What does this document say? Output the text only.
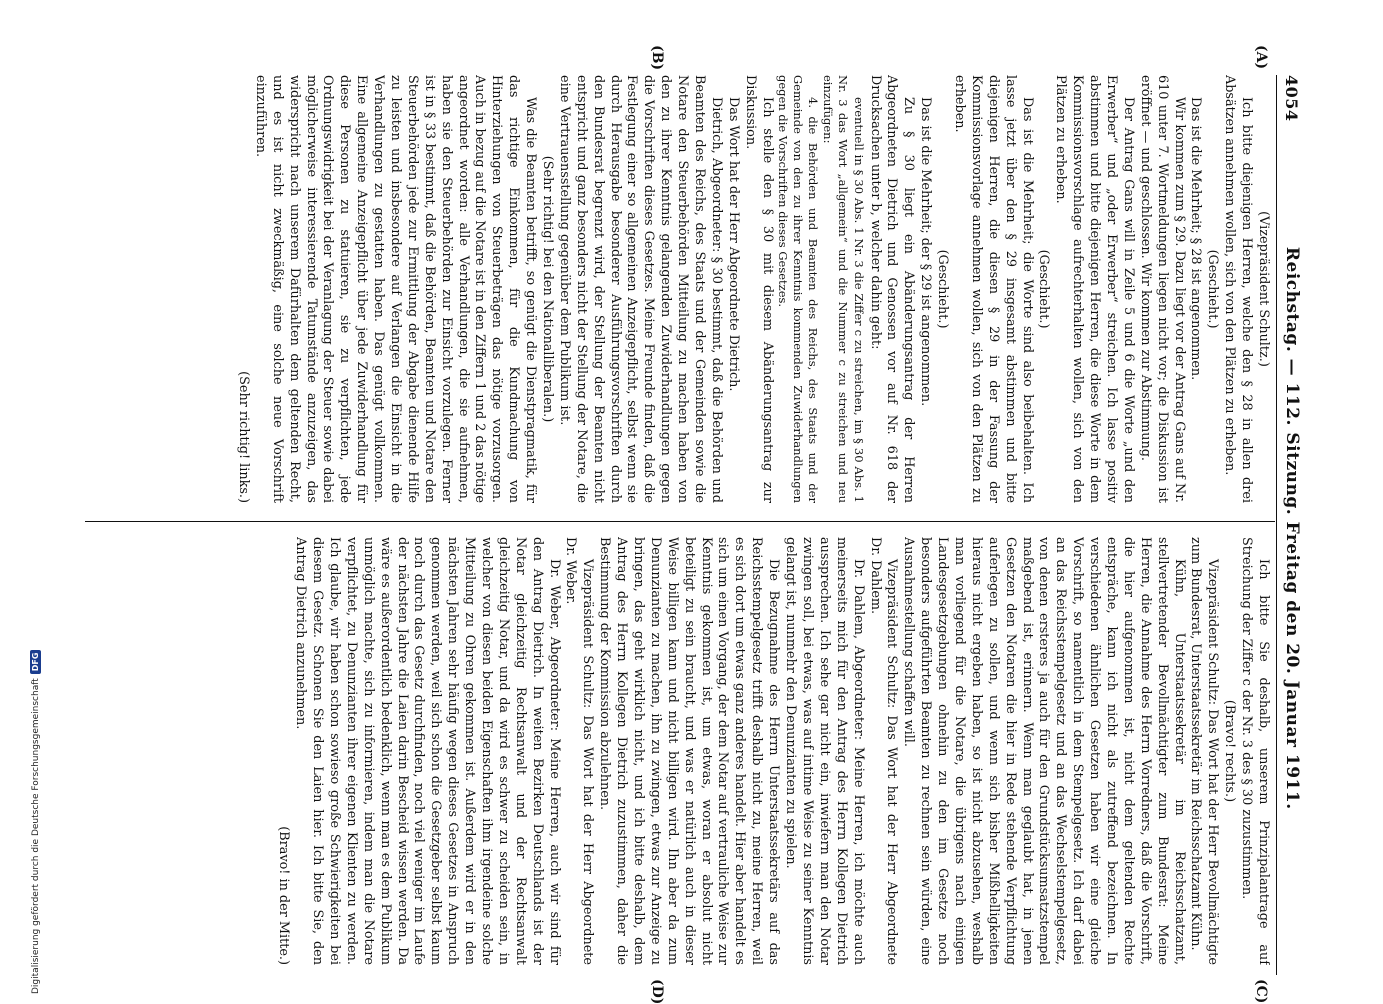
4054
Reichstag. — 112. Sitzung. Freitag den 20. Januar 1911.
(A)
(B)
(C)
(D)

(Vizepräsident Schultz.)

Ich bitte diejenigen Herren, welche den § 28 in allen drei Absätzen annehmen wollen, sich von den Plätzen zu erheben.

(Geschieht.)

Das ist die Mehrheit; § 28 ist angenommen.

Wir kommen zum § 29. Dazu liegt vor der Antrag Gans auf Nr. 610 unter 7. Wortmeldungen liegen nicht vor; die Diskussion ist eröffnet — und geschlossen. Wir kommen zur Abstimmung.

Der Antrag Gans will in Zeile 5 und 6 die Worte „und den Erwerber“ und „oder Erwerber“ streichen. Ich lasse positiv abstimmen und bitte diejenigen Herren, die diese Worte in dem Kommissionsvorschlage aufrechterhalten wollen, sich von den Plätzen zu erheben.

(Geschieht.)

Das ist die Mehrheit; die Worte sind also beibehalten. Ich lasse jetzt über den § 29 insgesamt abstimmen und bitte diejenigen Herren, die diesen § 29 in der Fassung der Kommissionsvorlage annehmen wollen, sich von den Plätzen zu erheben.

(Geschieht.)

Das ist die Mehrheit; der § 29 ist angenommen.

Zu § 30 liegt ein Abänderungsantrag der Herren Abgeordneten Dietrich und Genossen vor auf Nr. 618 der Drucksachen unter b, welcher dahin geht:

eventuell in § 30 Abs. 1 Nr. 3 die Ziffer c zu streichen, im § 30 Abs. 1 Nr. 3 das Wort „allgemein“ und die Nummer c zu streichen und neu einzufügen:

4. die Behörden und Beamten des Reichs, des Staats und der Gemeinde von den zu ihrer Kenntnis kommenden Zuwiderhandlungen gegen die Vorschriften dieses Gesetzes.

Ich stelle den § 30 mit diesem Abänderungsantrag zur Diskussion.

Das Wort hat der Herr Abgeordnete Dietrich.

Dietrich, Abgeordneter: § 30 bestimmt, daß die Behörden und Beamten des Reichs, des Staats und der Gemeinden sowie die Notare den Steuerbehörden Mitteilung zu machen haben von den zu ihrer Kenntnis gelangenden Zuwiderhandlungen gegen die Vorschriften dieses Gesetzes. Meine Freunde finden, daß die Festlegung einer so allgemeinen Anzeigepflicht, selbst wenn sie durch Herausgabe besonderer Ausführungsvorschriften durch den Bundesrat begrenzt wird, der Stellung der Beamten nicht entspricht und ganz besonders nicht der Stellung der Notare, die eine Vertrauensstellung gegenüber dem Publikum ist.

(Sehr richtig! bei den Nationalliberalen.)

Was die Beamten betrifft, so genügt die Dienstpragmatik, für das richtige Einkommen, für die Kundmachung von Hinterziehungen von Steuerbeträgen das nötige vorzusorgen. Auch in bezug auf die Notare ist in den Ziffern 1 und 2 das nötige angeordnet worden: alle Verhandlungen, die sie aufnehmen, haben sie den Steuerbehörden zur Einsicht vorzulegen. Ferner ist in § 33 bestimmt, daß die Behörden, Beamten und Notare den Steuerbehörden jede zur Ermittlung der Abgabe dienende Hilfe zu leisten und insbesondere auf Verlangen die Einsicht in die Verhandlungen zu gestatten haben. Das genügt vollkommen. Eine allgemeine Anzeigepflicht über jede Zuwiderhandlung für diese Personen zu statuieren, sie zu verpflichten, jede Ordnungswidrigkeit bei der Veranlagung der Steuer sowie dabei möglicherweise interessierende Tatumstände anzuzeigen, das widerspricht nach unserem Dafürhalten dem geltenden Recht, und es ist nicht zweckmäßig, eine solche neue Vorschrift einzuführen.

(Sehr richtig! links.)

Ich bitte Sie deshalb, unserem Prinzipalantrage auf Streichung der Ziffer c der Nr. 3 des § 30 zuzustimmen.

(Bravo! rechts.)

Vizepräsident Schultz: Das Wort hat der Herr Bevollmächtigte zum Bundesrat, Unterstaatssekretär im Reichsschatzamt Kühn.

Kühn, Unterstaatssekretär im Reichsschatzamt, stellvertretender Bevollmächtigter zum Bundesrat: Meine Herren, die Annahme des Herrn Vorredners, daß die Vorschrift, die hier aufgenommen ist, nicht dem geltenden Rechte entspräche, kann ich nicht als zutreffend bezeichnen. In verschiedenen ähnlichen Gesetzen haben wir eine gleiche Vorschrift, so namentlich in dem Stempelgesetz. Ich darf dabei an das Reichsstempelgesetz und an das Wechselstempelgesetz, von denen ersteres ja auch für den Grundstücksumsatzstempel maßgebend ist, erinnern. Wenn man geglaubt hat, in jenen Gesetzen den Notaren die hier in Rede stehende Verpflichtung auferlegen zu sollen, und wenn sich bisher Mißhelligkeiten hieraus nicht ergeben haben, so ist nicht abzusehen, weshalb man vorliegend für die Notare, die übrigens nach einigen Landesgesetzgebungen ohnehin zu den im Gesetze noch besonders aufgeführten Beamten zu rechnen sein würden, eine Ausnahmestellung schaffen will.

Vizepräsident Schultz: Das Wort hat der Herr Abgeordnete Dr. Dahlem.

Dr. Dahlem, Abgeordneter: Meine Herren, ich möchte auch meinerseits mich für den Antrag des Herrn Kollegen Dietrich aussprechen. Ich sehe gar nicht ein, inwiefern man den Notar zwingen soll, bei etwas, was auf intime Weise zu seiner Kenntnis gelangt ist, nunmehr den Denunzianten zu spielen.

Die Bezugnahme des Herrn Unterstaatssekretärs auf das Reichsstempelgesetz trifft deshalb nicht zu, meine Herren, weil es sich dort um etwas ganz anderes handelt. Hier aber handelt es sich um einen Vorgang, der dem Notar auf vertrauliche Weise zur Kenntnis gekommen ist, um etwas, woran er absolut nicht beteiligt zu sein braucht, und was er natürlich auch in dieser Weise billigen kann und nicht billigen wird. Ihn aber da zum Denunzianten zu machen, ihn zu zwingen, etwas zur Anzeige zu bringen, das geht wirklich nicht, und ich bitte deshalb, dem Antrag des Herrn Kollegen Dietrich zuzustimmen, daher die Bestimmung der Kommission abzulehnen.

Vizepräsident Schultz: Das Wort hat der Herr Abgeordnete Dr. Weber.

Dr. Weber, Abgeordneter: Meine Herren, auch wir sind für den Antrag Dietrich. In weiten Bezirken Deutschlands ist der Notar gleichzeitig Rechtsanwalt und der Rechtsanwalt gleichzeitig Notar, und da wird es schwer zu scheiden sein, in welcher von diesen beiden Eigenschaften ihm irgendeine solche Mitteilung zu Ohren gekommen ist. Außerdem wird er in den nächsten Jahren sehr häufig wegen dieses Gesetzes in Anspruch genommen werden, weil sich schon die Gesetzgeber selbst kaum noch durch das Gesetz durchfinden, noch viel weniger im Laufe der nächsten Jahre die Laien darin Bescheid wissen werden. Da wäre es außerordentlich bedenklich, wenn man es dem Publikum unmöglich machte, sich zu informieren, indem man die Notare verpflichtet, zu Denunzianten ihrer eigenen Klienten zu werden. Ich glaube, wir haben schon sowieso große Schwierigkeiten bei diesem Gesetz. Schonen Sie den Laien hier. Ich bitte Sie, den Antrag Dietrich anzunehmen.

(Bravo! in der Mitte.)

Digitalisierung gefördert durch die Deutsche Forschungsgemeinschaft
DFG
